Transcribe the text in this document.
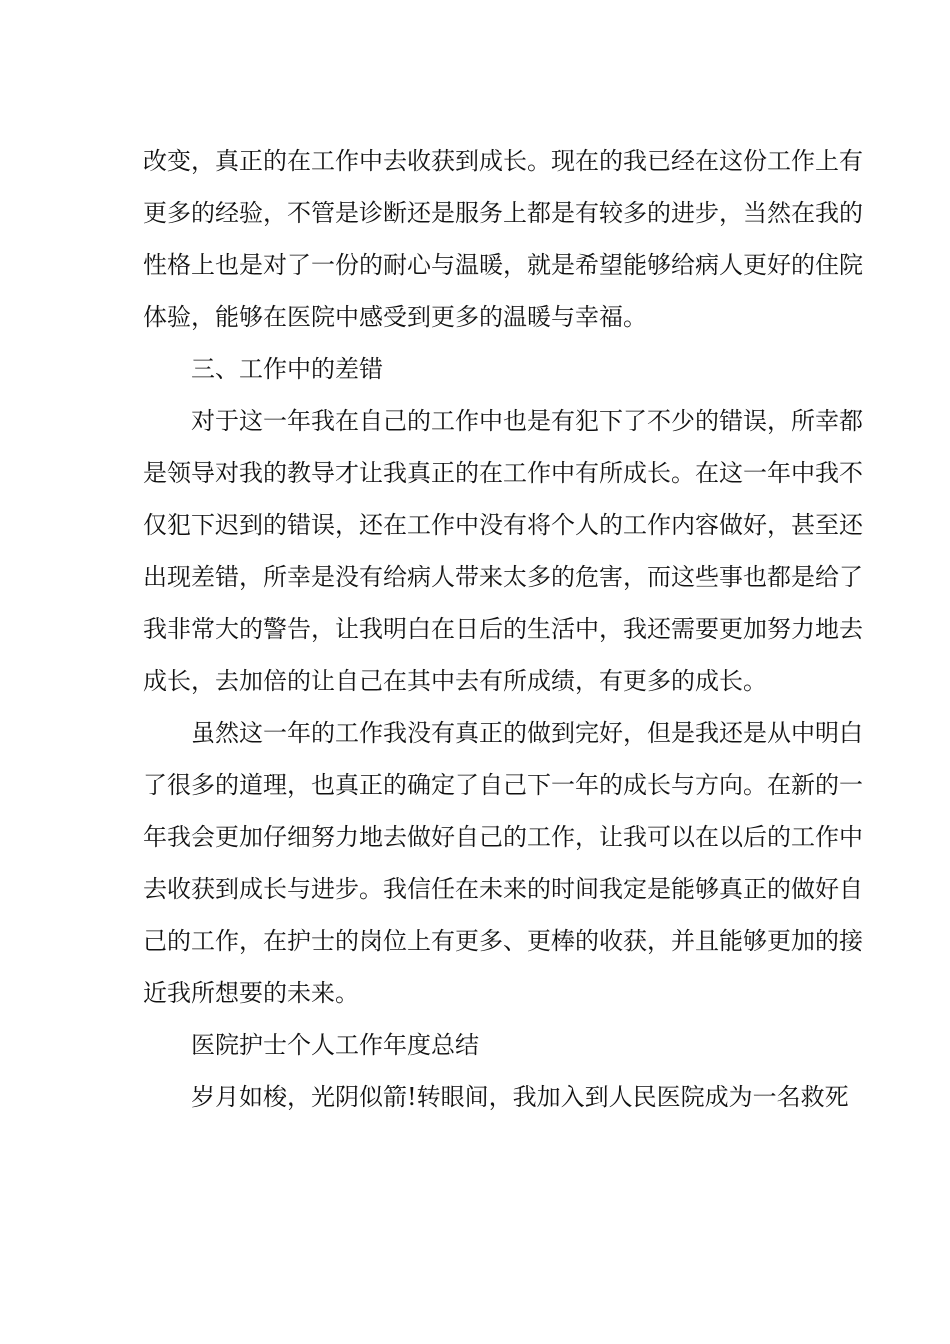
改变，真正的在工作中去收获到成长。现在的我已经在这份工作上有
更多的经验，不管是诊断还是服务上都是有较多的进步，当然在我的
性格上也是对了一份的耐心与温暖，就是希望能够给病人更好的住院
体验，能够在医院中感受到更多的温暖与幸福。
三、工作中的差错
对于这一年我在自己的工作中也是有犯下了不少的错误，所幸都
是领导对我的教导才让我真正的在工作中有所成长。在这一年中我不
仅犯下迟到的错误，还在工作中没有将个人的工作内容做好，甚至还
出现差错，所幸是没有给病人带来太多的危害，而这些事也都是给了
我非常大的警告，让我明白在日后的生活中，我还需要更加努力地去
成长，去加倍的让自己在其中去有所成绩，有更多的成长。
虽然这一年的工作我没有真正的做到完好，但是我还是从中明白
了很多的道理，也真正的确定了自己下一年的成长与方向。在新的一
年我会更加仔细努力地去做好自己的工作，让我可以在以后的工作中
去收获到成长与进步。我信任在未来的时间我定是能够真正的做好自
己的工作，在护士的岗位上有更多、更棒的收获，并且能够更加的接
近我所想要的未来。
医院护士个人工作年度总结
岁月如梭，光阴似箭!转眼间，我加入到人民医院成为一名救死
